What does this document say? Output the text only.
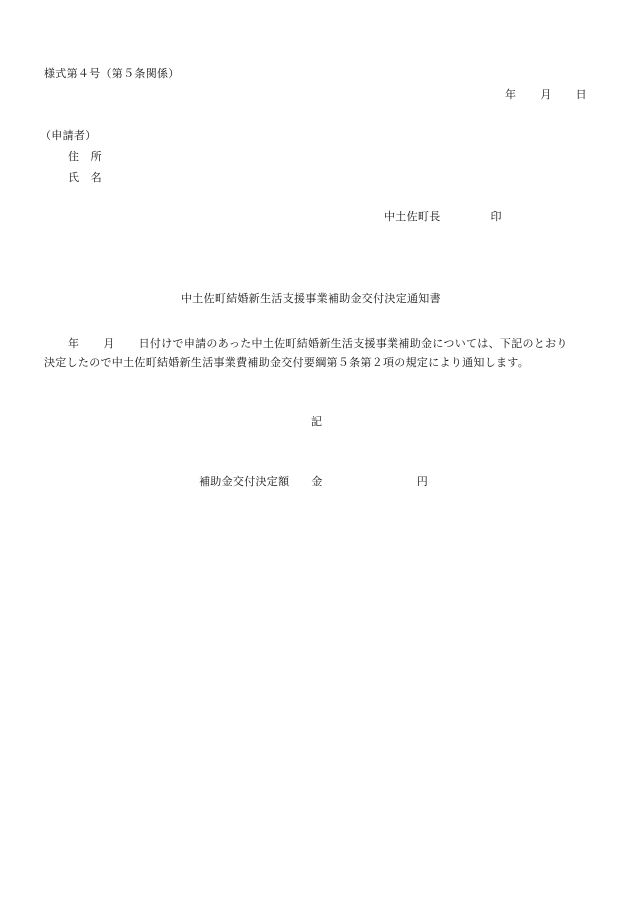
様式第４号（第５条関係）
年 月 日
（申請者）
住　所
氏　名
中土佐町長	印
中土佐町結婚新生活支援事業補助金交付決定通知書
年 月 日付けで申請のあった中土佐町結婚新生活支援事業補助金については、下記のとおり
決定したので中土佐町結婚新生活事業費補助金交付要綱第５条第２項の規定により通知します。
記
補助金交付決定額 金	円
